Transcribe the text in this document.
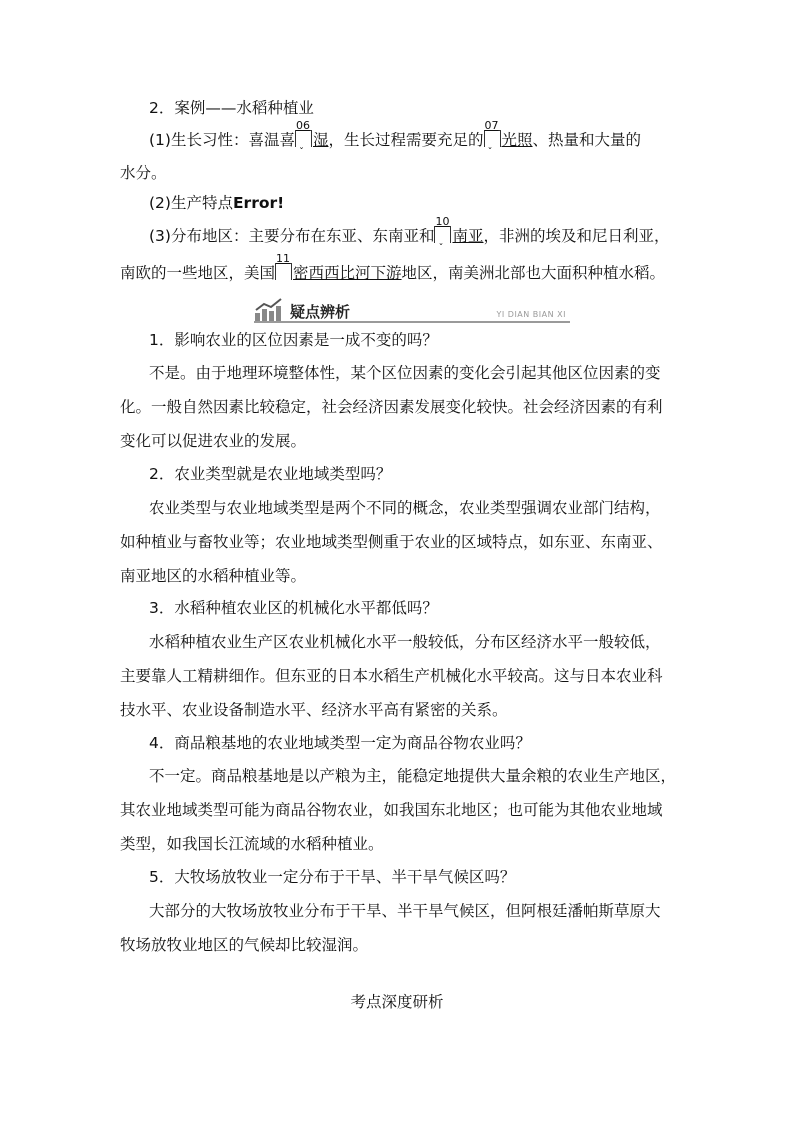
2．案例——水稻种植业
(1)生长习性：喜温喜
06
湿
ˇ
，生长过程需要充足的
07
光照
ˇ
、热量和大量的
水分。
(2)生产特点Error!
(3)分布地区：主要分布在东亚、东南亚和
10
南亚
ˇ
，非洲的埃及和尼日利亚，
南欧的一些地区，美国
11
密西西比河下游地区，南美洲北部也大面积种植水稻。
疑点辨析	YI DIAN BIAN XI
1．影响农业的区位因素是一成不变的吗？
不是。由于地理环境整体性，某个区位因素的变化会引起其他区位因素的变
化。一般自然因素比较稳定，社会经济因素发展变化较快。社会经济因素的有利
变化可以促进农业的发展。
2．农业类型就是农业地域类型吗？
农业类型与农业地域类型是两个不同的概念，农业类型强调农业部门结构，
如种植业与畜牧业等；农业地域类型侧重于农业的区域特点，如东亚、东南亚、
南亚地区的水稻种植业等。
3．水稻种植农业区的机械化水平都低吗？
水稻种植农业生产区农业机械化水平一般较低，分布区经济水平一般较低，
主要靠人工精耕细作。但东亚的日本水稻生产机械化水平较高。这与日本农业科
技水平、农业设备制造水平、经济水平高有紧密的关系。
4．商品粮基地的农业地域类型一定为商品谷物农业吗？
不一定。商品粮基地是以产粮为主，能稳定地提供大量余粮的农业生产地区，
其农业地域类型可能为商品谷物农业，如我国东北地区；也可能为其他农业地域
类型，如我国长江流域的水稻种植业。
5．大牧场放牧业一定分布于干旱、半干旱气候区吗？
大部分的大牧场放牧业分布于干旱、半干旱气候区，但阿根廷潘帕斯草原大
牧场放牧业地区的气候却比较湿润。
考点深度研析
